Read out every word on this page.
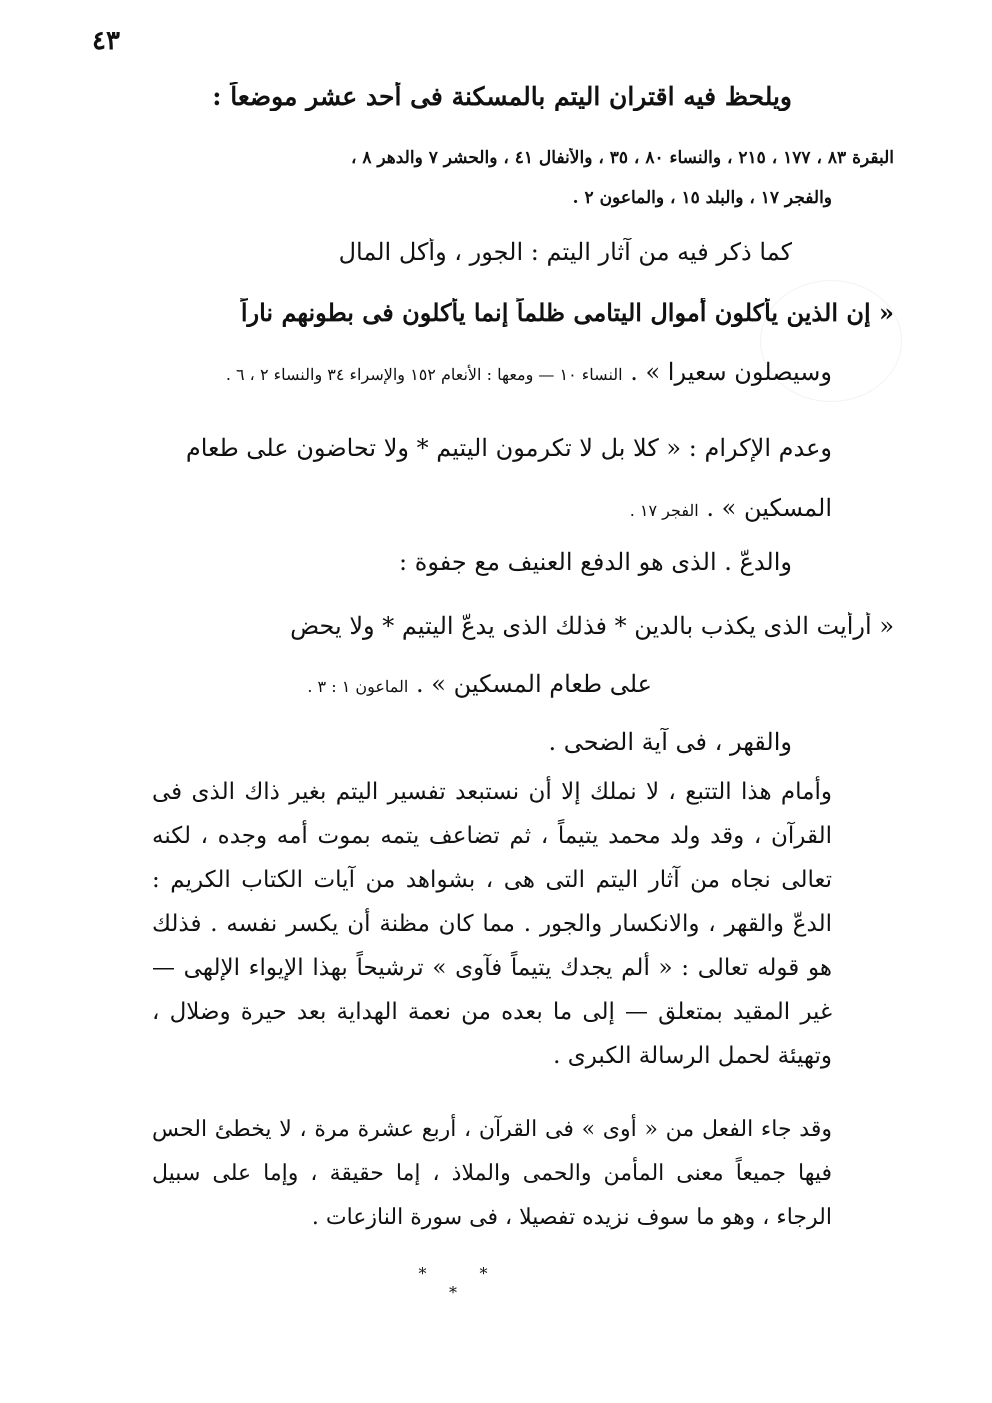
٤٣
ويلحظ فيه اقتران اليتم بالمسكنة فى أحد عشر موضعاً :
البقرة ٨٣ ، ١٧٧ ، ٢١٥ ، والنساء ٨٠ ، ٣٥ ، والأنفال ٤١ ، والحشر ٧ والدهر ٨ ،
والفجر ١٧ ، والبلد ١٥ ، والماعون ٢ .
كما ذكر فيه من آثار اليتم : الجور ، وأكل المال
« إن الذين يأكلون أموال اليتامى ظلماً إنما يأكلون فى بطونهم ناراً
وسيصلون سعيرا » . النساء ١٠ — ومعها : الأنعام ١٥٢ والإسراء ٣٤ والنساء ٢ ، ٦ .
وعدم الإكرام : « كلا بل لا تكرمون اليتيم * ولا تحاضون على طعام
المسكين » . الفجر ١٧ .
والدعّ . الذى هو الدفع العنيف مع جفوة :
« أرأيت الذى يكذب بالدين * فذلك الذى يدعّ اليتيم * ولا يحض
على طعام المسكين » . الماعون ١ : ٣ .
والقهر ، فى آية الضحى .
وأمام هذا التتبع ، لا نملك إلا أن نستبعد تفسير اليتم بغير ذاك الذى فى القرآن ، وقد ولد محمد يتيماً ، ثم تضاعف يتمه بموت أمه وجده ، لكنه تعالى نجاه من آثار اليتم التى هى ، بشواهد من آيات الكتاب الكريم : الدعّ والقهر ، والانكسار والجور . مما كان مظنة أن يكسر نفسه . فذلك هو قوله تعالى : « ألم يجدك يتيماً فآوى » ترشيحاً بهذا الإيواء الإلهى — غير المقيد بمتعلق — إلى ما بعده من نعمة الهداية بعد حيرة وضلال ، وتهيئة لحمل الرسالة الكبرى .
وقد جاء الفعل من « أوى » فى القرآن ، أربع عشرة مرة ، لا يخطئ الحس فيها جميعاً معنى المأمن والحمى والملاذ ، إما حقيقة ، وإما على سبيل الرجاء ، وهو ما سوف نزيده تفصيلا ، فى سورة النازعات .
* * *
